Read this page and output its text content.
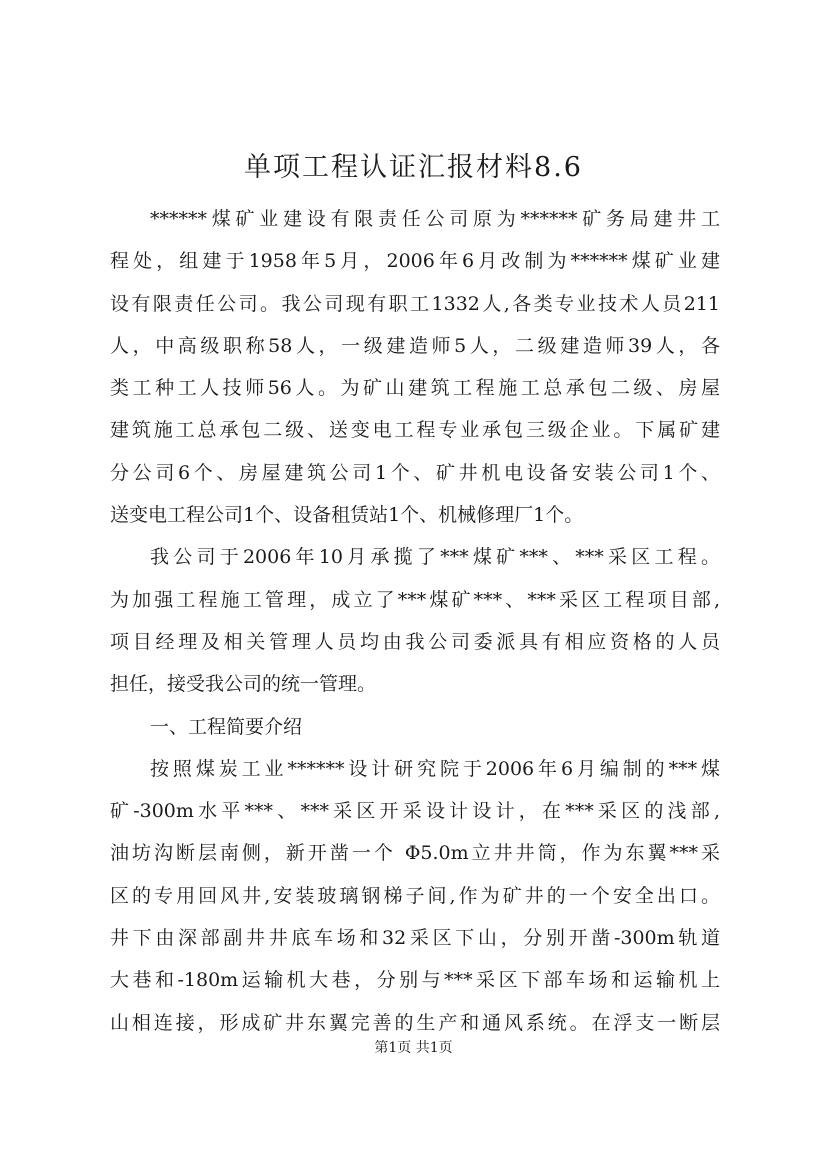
单项工程认证汇报材料8.6
******煤矿业建设有限责任公司原为******矿务局建井工
程处，组建于1958年5月，2006年6月改制为******煤矿业建
设有限责任公司。我公司现有职工1332人,各类专业技术人员211
人，中高级职称58人，一级建造师5人，二级建造师39人，各
类工种工人技师56人。为矿山建筑工程施工总承包二级、房屋
建筑施工总承包二级、送变电工程专业承包三级企业。下属矿建
分公司6个、房屋建筑公司1个、矿井机电设备安装公司1个、
送变电工程公司1个、设备租赁站1个、机械修理厂1个。
我公司于2006年10月承揽了***煤矿***、***采区工程。
为加强工程施工管理，成立了***煤矿***、***采区工程项目部,
项目经理及相关管理人员均由我公司委派具有相应资格的人员
担任，接受我公司的统一管理。
一、工程简要介绍
按照煤炭工业******设计研究院于2006年6月编制的***煤
矿-300m水平***、***采区开采设计设计，在***采区的浅部,
油坊沟断层南侧，新开凿一个 Φ5.0m立井井筒，作为东翼***采
区的专用回风井,安装玻璃钢梯子间,作为矿井的一个安全出口。
井下由深部副井井底车场和32采区下山，分别开凿-300m轨道
大巷和-180m运输机大巷，分别与***采区下部车场和运输机上
山相连接，形成矿井东翼完善的生产和通风系统。在浮支一断层
第1页 共1页
